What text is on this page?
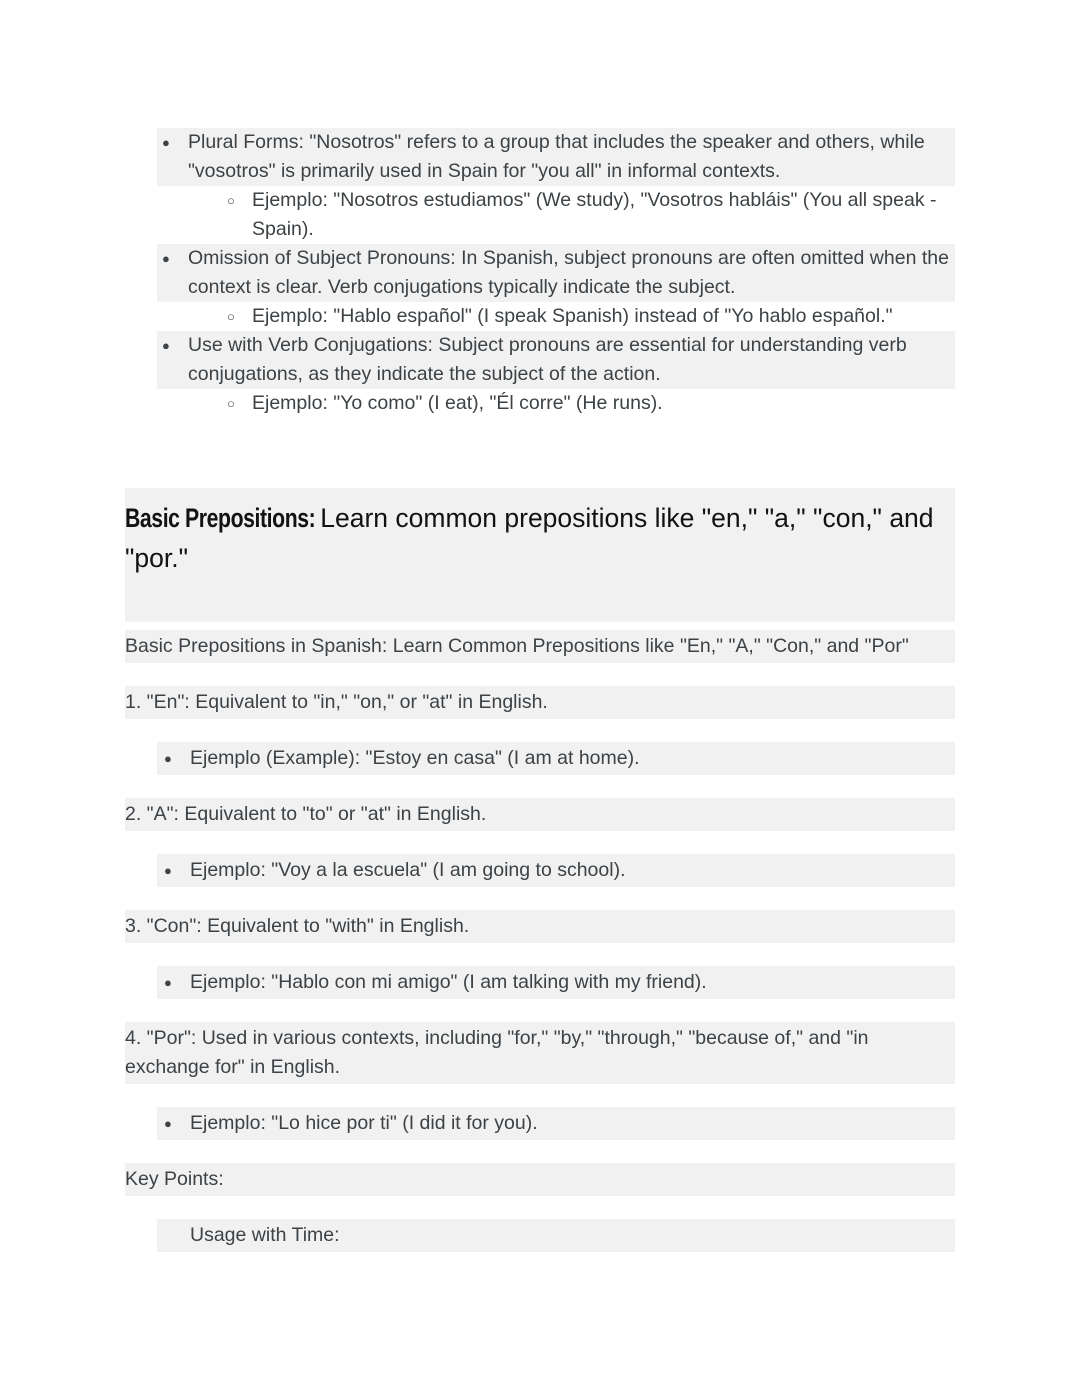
● Plural Forms: "Nosotros" refers to a group that includes the speaker and others, while "vosotros" is primarily used in Spain for "you all" in informal contexts.
○ Ejemplo: "Nosotros estudiamos" (We study), "Vosotros habláis" (You all speak - Spain).
● Omission of Subject Pronouns: In Spanish, subject pronouns are often omitted when the context is clear. Verb conjugations typically indicate the subject.
○ Ejemplo: "Hablo español" (I speak Spanish) instead of "Yo hablo español."
● Use with Verb Conjugations: Subject pronouns are essential for understanding verb conjugations, as they indicate the subject of the action.
○ Ejemplo: "Yo como" (I eat), "Él corre" (He runs).
Basic Prepositions: Learn common prepositions like "en," "a," "con," and "por."
Basic Prepositions in Spanish: Learn Common Prepositions like "En," "A," "Con," and "Por"
1. "En": Equivalent to "in," "on," or "at" in English.
● Ejemplo (Example): "Estoy en casa" (I am at home).
2. "A": Equivalent to "to" or "at" in English.
● Ejemplo: "Voy a la escuela" (I am going to school).
3. "Con": Equivalent to "with" in English.
● Ejemplo: "Hablo con mi amigo" (I am talking with my friend).
4. "Por": Used in various contexts, including "for," "by," "through," "because of," and "in exchange for" in English.
● Ejemplo: "Lo hice por ti" (I did it for you).
Key Points:
Usage with Time:
